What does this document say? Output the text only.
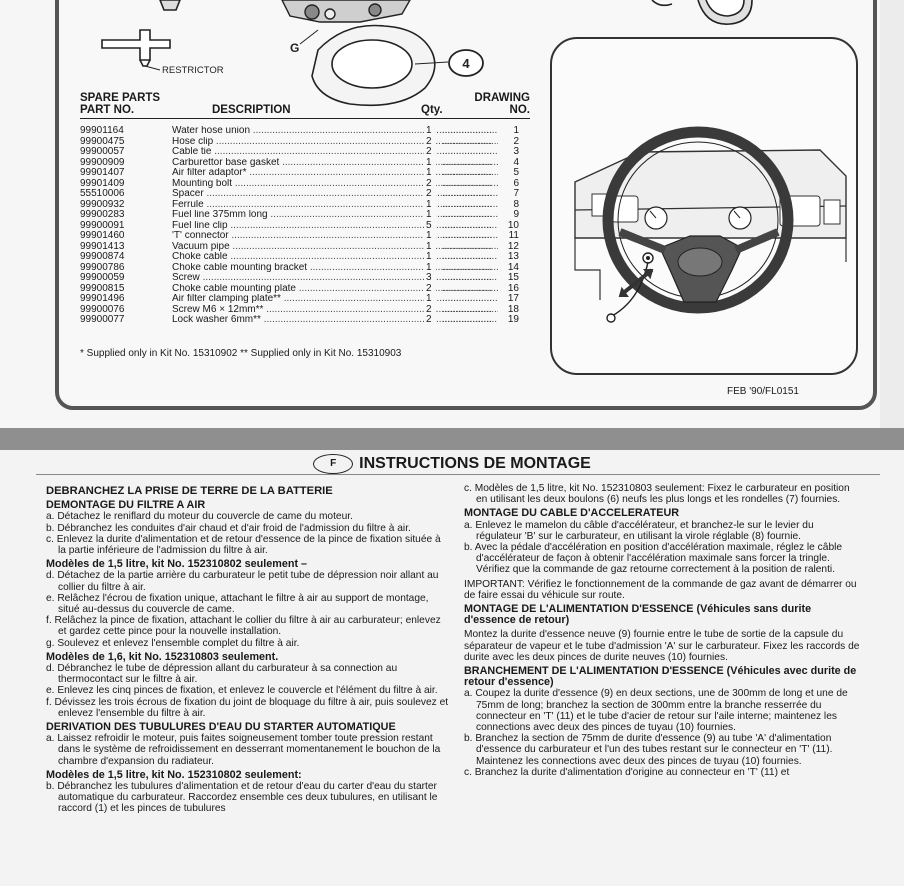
RESTRICTOR
G
4
SPARE PARTS
PART NO.	DESCRIPTION	Qty.
DRAWING
NO.
99901164	Water hose union .....	1	..................	1
99900475	Hose clip .....	2	..................	2
99900057	Cable tie .....	2	..................	3
99900909	Carburettor base gasket .....	1	..................	4
99901407	Air filter adaptor* .....	1	..................	5
99901409	Mounting bolt .....	2	..................	6
55510006	Spacer .....	2	..................	7
99900932	Ferrule .....	1	..................	8
99900283	Fuel line 375mm long .....	1	..................	9
99900091	Fuel line clip .....	5	..................	10
99901460	'T' connector .....	1	..................	11
99901413	Vacuum pipe .....	1	..................	12
99900874	Choke cable .....	1	..................	13
99900786	Choke cable mounting bracket .....	1	..................	14
99900059	Screw .....	3	..................	15
99900815	Choke cable mounting plate .....	2	..................	16
99901496	Air filter clamping plate** .....	1	..................	17
99900076	Screw M6 × 12mm** .....	2	..................	18
99900077	Lock washer 6mm** .....	2	..................	19
* Supplied only in Kit No. 15310902 ** Supplied only in Kit No. 15310903
FEB '90/FL0151
F INSTRUCTIONS DE MONTAGE

DEBRANCHEZ LA PRISE DE TERRE DE LA BATTERIE

DEMONTAGE DU FILTRE A AIR

a. Détachez le reniflard du moteur du couvercle de came du moteur.

b. Débranchez les conduites d'air chaud et d'air froid de l'admission du filtre à air.

c. Enlevez la durite d'alimentation et de retour d'essence de la pince de fixation située à la partie inférieure de l'admission du filtre à air.

Modèles de 1,5 litre, kit No. 152310802 seulement –

d. Détachez de la partie arrière du carburateur le petit tube de dépression noir allant au collier du filtre à air.

e. Relâchez l'écrou de fixation unique, attachant le filtre à air au support de montage, situé au-dessus du couvercle de came.

f. Relâchez la pince de fixation, attachant le collier du filtre à air au carburateur; enlevez et gardez cette pince pour la nouvelle installation.

g. Soulevez et enlevez l'ensemble complet du filtre à air.

Modèles de 1,6, kit No. 152310803 seulement.

d. Débranchez le tube de dépression allant du carburateur à sa connection au thermocontact sur le filtre à air.

e. Enlevez les cinq pinces de fixation, et enlevez le couvercle et l'élément du filtre à air.

f. Dévissez les trois écrous de fixation du joint de bloquage du filtre à air, puis soulevez et enlevez l'ensemble du filtre à air.

DERIVATION DES TUBULURES D'EAU DU STARTER AUTOMATIQUE

a. Laissez refroidir le moteur, puis faites soigneusement tomber toute pression restant dans le système de refroidissement en desserrant momentanement le bouchon de la chambre d'expansion du radiateur.

Modèles de 1,5 litre, kit No. 152310802 seulement:

b. Débranchez les tubulures d'alimentation et de retour d'eau du carter d'eau du starter automatique du carburateur. Raccordez ensemble ces deux tubulures, en utilisant le raccord (1) et les pinces de tubulures

c. Modèles de 1,5 litre, kit No. 152310803 seulement: Fixez le carburateur en position en utilisant les deux boulons (6) neufs les plus longs et les rondelles (7) fournies.

MONTAGE DU CABLE D'ACCELERATEUR

a. Enlevez le mamelon du câble d'accélérateur, et branchez-le sur le levier du régulateur 'B' sur le carburateur, en utilisant la virole réglable (8) fournie.

b. Avec la pédale d'accélération en position d'accélération maximale, réglez le câble d'accélérateur de façon à obtenir l'accélération maximale sans forcer la tringle. Vérifiez que la commande de gaz retourne correctement à la position de ralenti.

IMPORTANT: Vérifiez le fonctionnement de la commande de gaz avant de démarrer ou de faire essai du véhicule sur route.

MONTAGE DE L'ALIMENTATION D'ESSENCE (Véhicules sans durite d'essence de retour)

Montez la durite d'essence neuve (9) fournie entre le tube de sortie de la capsule du séparateur de vapeur et le tube d'admission 'A' sur le carburateur. Fixez les raccords de durite avec les deux pinces de durite neuves (10) fournies.

BRANCHEMENT DE L'ALIMENTATION D'ESSENCE (Véhicules avec durite de retour d'essence)

a. Coupez la durite d'essence (9) en deux sections, une de 300mm de long et une de 75mm de long; branchez la section de 300mm entre la branche resserrée du connecteur en 'T' (11) et le tube d'acier de retour sur l'aile interne; maintenez les connections avec deux des pinces de tuyau (10) fournies.

b. Branchez la section de 75mm de durite d'essence (9) au tube 'A' d'alimentation d'essence du carburateur et l'un des tubes restant sur le connecteur en 'T' (11). Maintenez les connections avec deux des pinces de tuyau (10) fournies.

c. Branchez la durite d'alimentation d'origine au connecteur en 'T' (11) et
